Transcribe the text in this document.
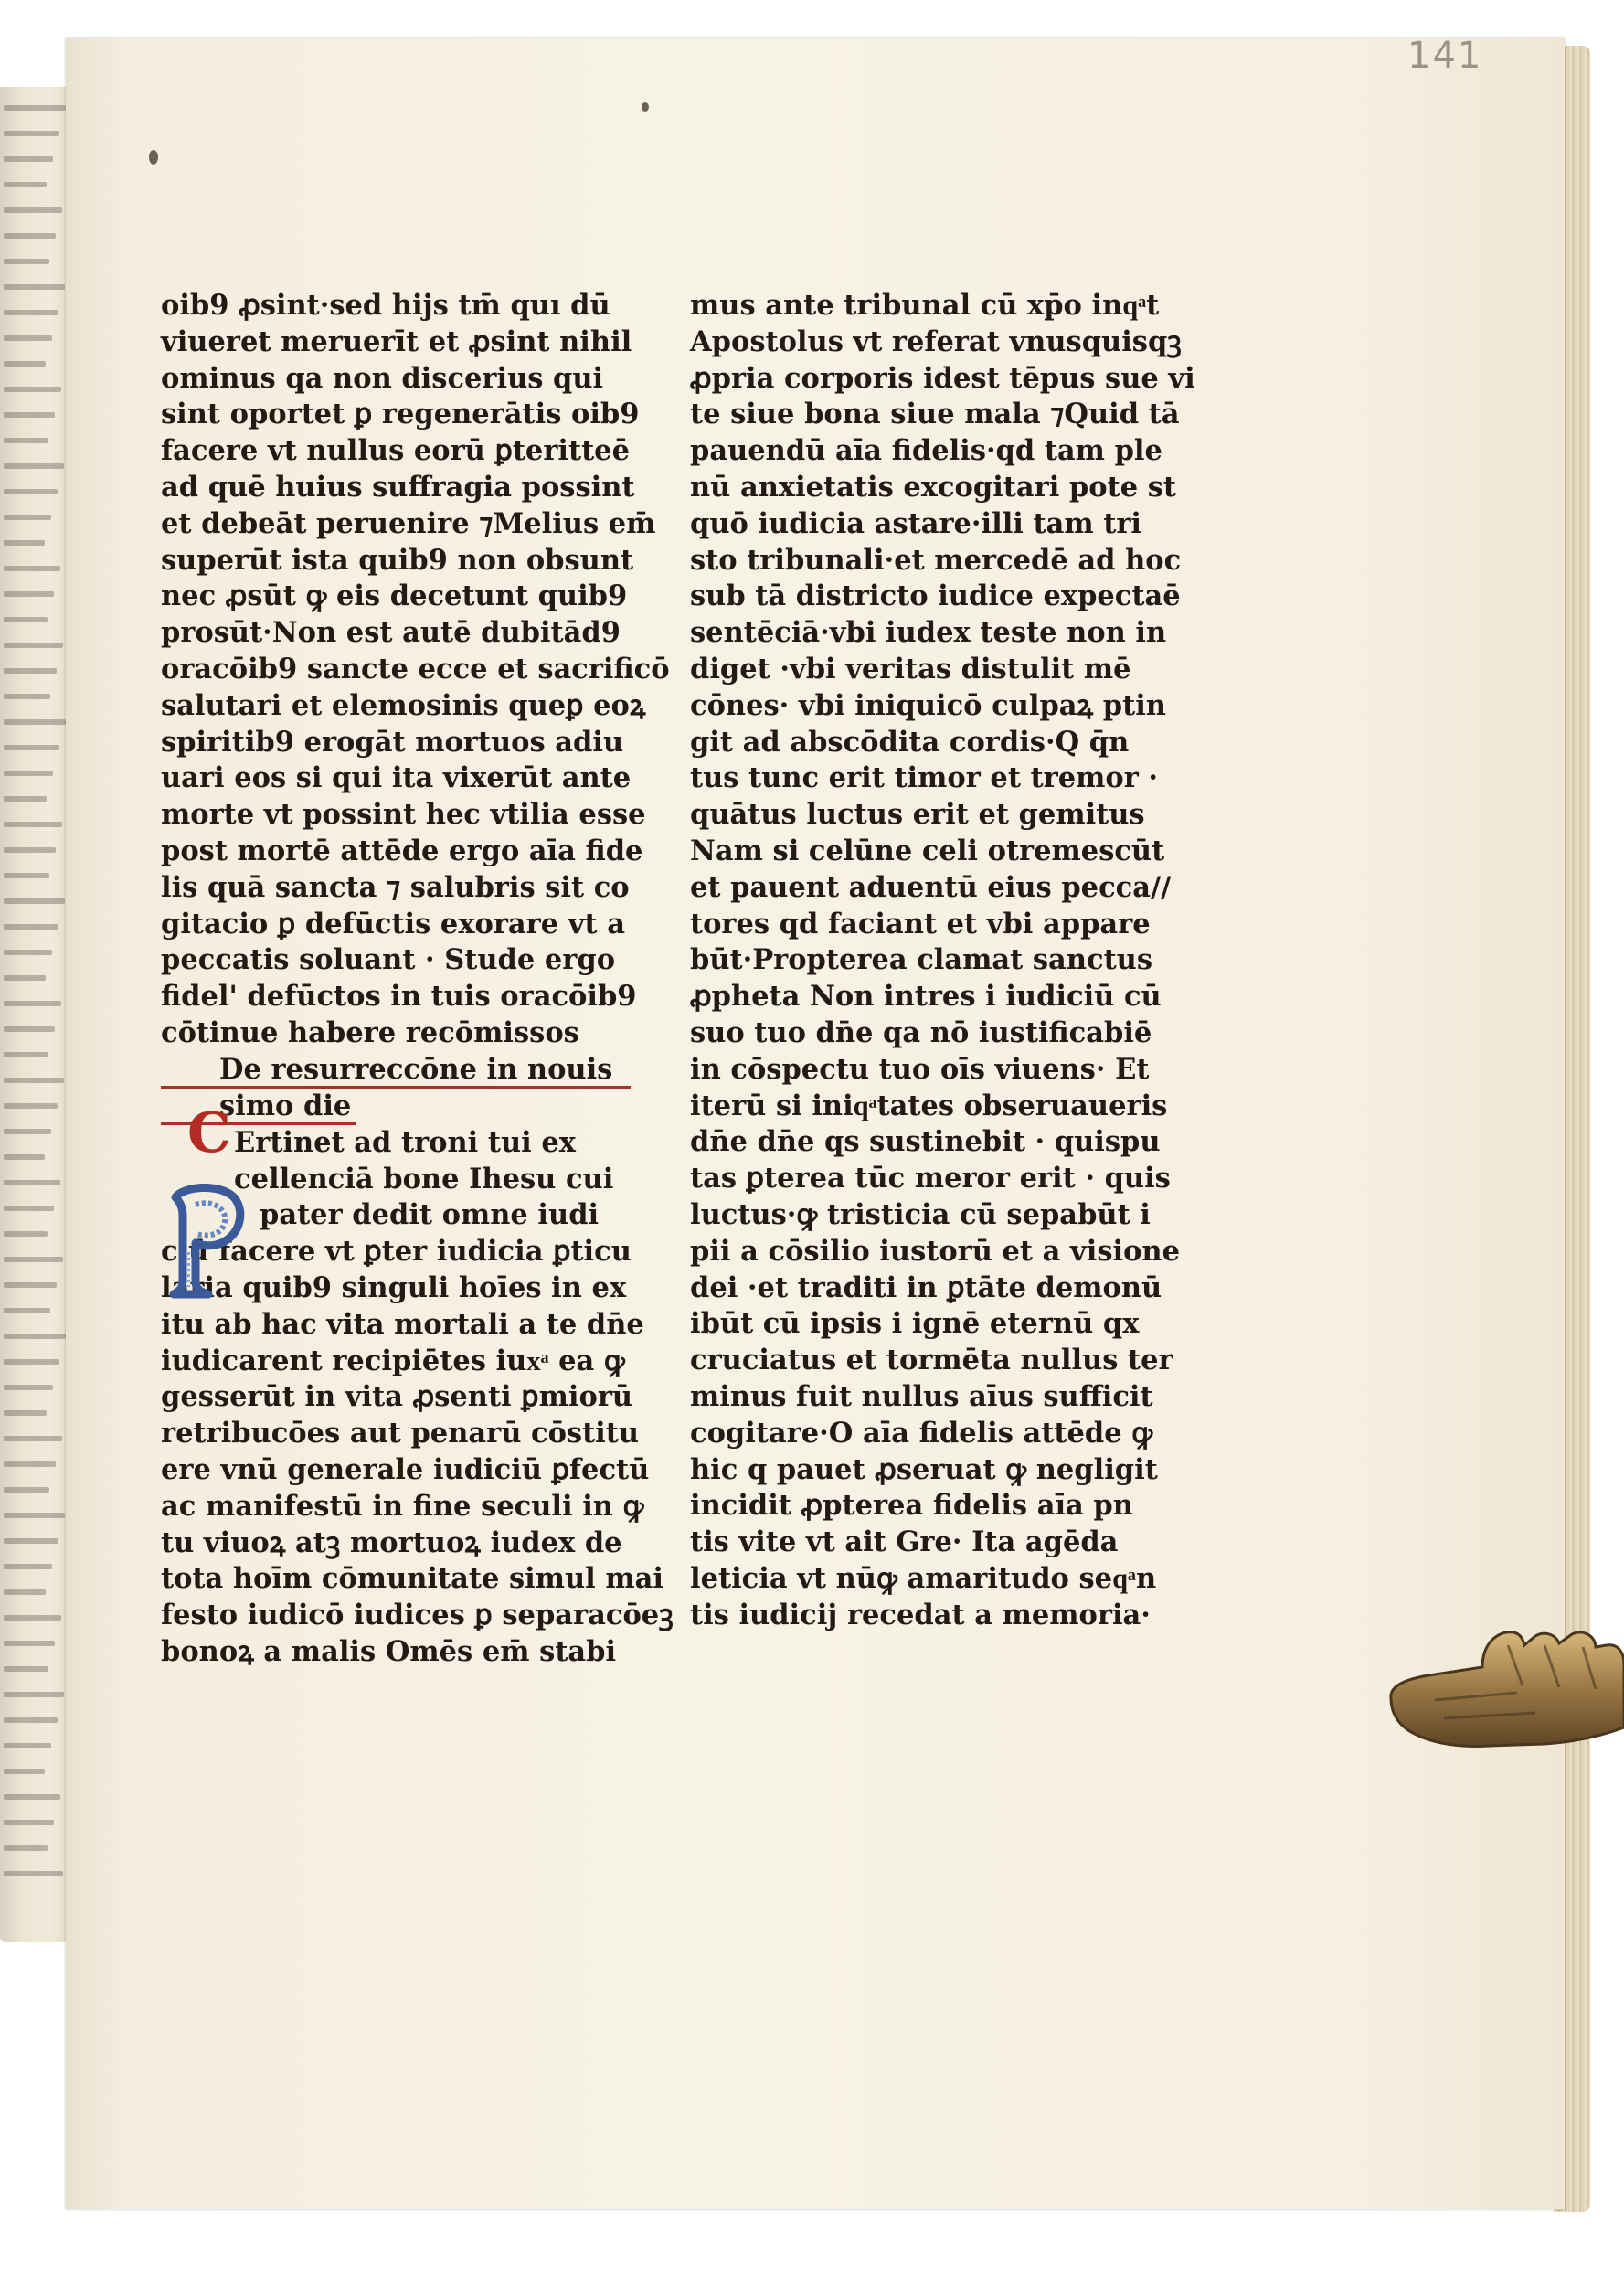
141
oib9 ꝓsint·sed hijs tm̄ quı dū
viueret meruerīt et ꝓsint nihil
ominus qa non discerius qui
sint oportet ꝑ regenerātis oib9
facere vt nullus eorū ꝑteritteē
ad quē huius suffragia possint
et debeāt peruenire ⁊Melius em̄
superūt ista quib9 non obsunt
nec ꝓsūt ꝙ eis decetunt quib9
prosūt·Non est autē dubitād9
oracōib9 sancte ecce et sacrificō
salutari et elemosinis queꝑ eoꝝ
spiritib9 erogāt mortuos adiu
uari eos si qui ita vixerūt ante
morte vt possint hec vtilia esse
post mortē attēde ergo aīa fide
lis quā sancta ⁊ salubris sit co
gitacio ꝑ defūctis exorare vt a
peccatis soluant · Stude ergo
fidel' defūctos in tuis oracōib9
cōtinue habere recōmissos
De resurreccōne in nouis
simo die
Ertinet ad troni tui ex
cellenciā bone Ihesu cui
pater dedit omne iudi
ciū facere vt ꝑter iudicia ꝑticu
laria quib9 singuli hoīes in ex
itu ab hac vita mortali a te dn̄e
iudicarent recipiētes iuxͣ ea ꝙ
gesserūt in vita ꝓsenti ꝑmiorū
retribucōes aut penarū cōstitu
ere vnū generale iudiciū ꝑfectū
ac manifestū in fine seculi in ꝙ
tu viuoꝝ atꝫ mortuoꝝ iudex de
tota hoīm cōmunitate simul mai
festo iudicō iudices ꝑ separacōeꝫ
bonoꝝ a malis Omēs em̄ stabi
C
mus ante tribunal cū xp̄o inqͣt
Apostolus vt referat vnusquisqꝫ
ꝓpria corporis idest tēpus sue vi
te siue bona siue mala ⁊Quid tā
pauendū aīa fidelis·qd tam ple
nū anxietatis excogitari pote st
quō iudicia astare·illi tam tri
sto tribunali·et mercedē ad hoc
sub tā districto iudice expectaē
sentēciā·vbi iudex teste non in
diget ·vbi veritas distulit mē
cōnes· vbi iniquicō culpaꝝ ptin
git ad abscōdita cordis·Q q̄n
tus tunc erit timor et tremor ·
quātus luctus erit et gemitus
Nam si celūne celi otremescūt
et pauent aduentū eius pecca//
tores qd faciant et vbi appare
būt·Propterea clamat sanctus
ꝓpheta Non intres i iudiciū cū
suo tuo dn̄e qa nō iustificabiē
in cōspectu tuo oīs viuens· Et
iterū si iniqͣtates obseruaueris
dn̄e dn̄e qs sustinebit · quispu
tas ꝑterea tūc meror erit · quis
luctus·ꝙ tristicia cū sepabūt i
pii a cōsilio iustorū et a visione
dei ·et traditi in ꝑtāte demonū
ibūt cū ipsis i ignē eternū qx
cruciatus et tormēta nullus ter
minus fuit nullus aīus sufficit
cogitare·O aīa fidelis attēde ꝙ
hic q pauet ꝓseruat ꝙ negligit
incidit ꝓpterea fidelis aīa pn
tis vite vt ait Gre· Ita agēda
leticia vt nūꝙ amaritudo seqͣn
tis iudicij recedat a memoria·
